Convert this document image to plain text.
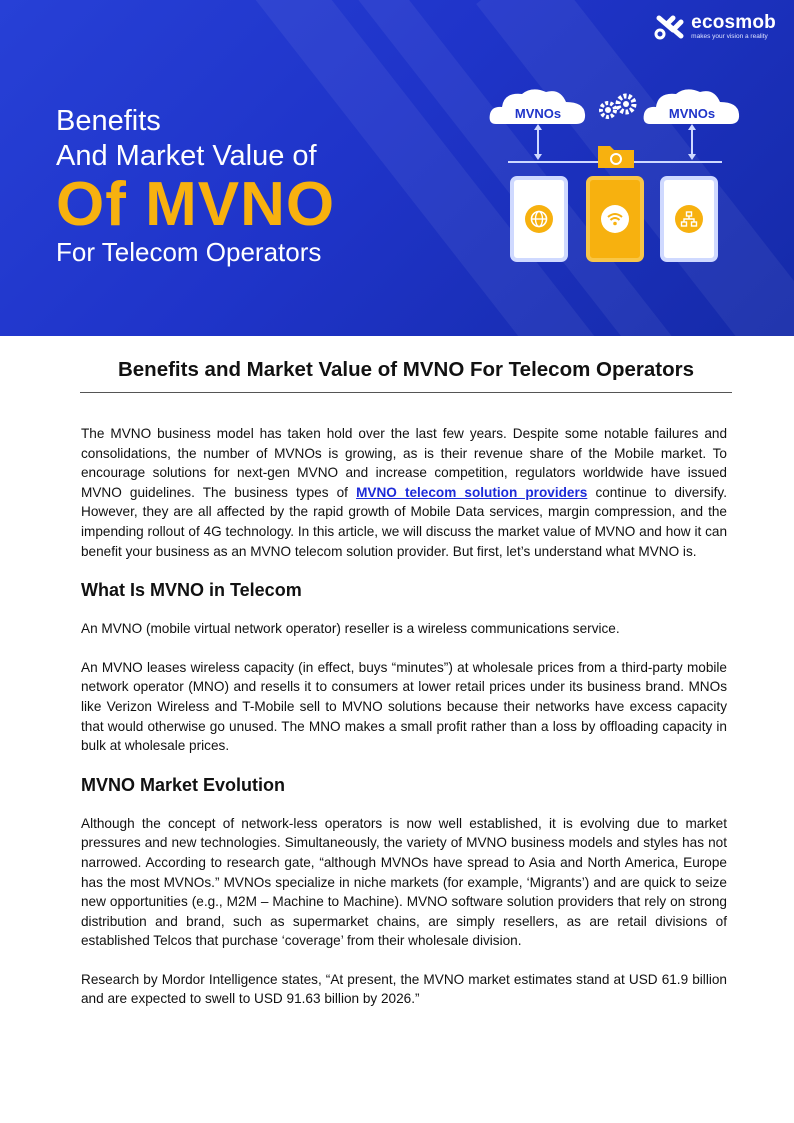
ecosmob
makes your vision a reality
Benefits
And Market Value of
Of MVNO
For Telecom Operators
MVNOs	MVNOs
Benefits and Market Value of MVNO For Telecom Operators

The MVNO business model has taken hold over the last few years. Despite some notable failures and consolidations, the number of MVNOs is growing, as is their revenue share of the Mobile market. To encourage solutions for next-gen MVNO and increase competition, regulators worldwide have issued MVNO guidelines. The business types of MVNO telecom solution providers continue to diversify. However, they are all affected by the rapid growth of Mobile Data services, margin compression, and the impending rollout of 4G technology. In this article, we will discuss the market value of MVNO and how it can benefit your business as an MVNO telecom solution provider. But first, let’s understand what MVNO is.

What Is MVNO in Telecom

An MVNO (mobile virtual network operator) reseller is a wireless communications service.

An MVNO leases wireless capacity (in effect, buys “minutes”) at wholesale prices from a third-party mobile network operator (MNO) and resells it to consumers at lower retail prices under its business brand. MNOs like Verizon Wireless and T-Mobile sell to MVNO solutions because their networks have excess capacity that would otherwise go unused. The MNO makes a small profit rather than a loss by offloading capacity in bulk at wholesale prices.

MVNO Market Evolution

Although the concept of network-less operators is now well established, it is evolving due to market pressures and new technologies. Simultaneously, the variety of MVNO business models and styles has not narrowed. According to research gate, “although MVNOs have spread to Asia and North America, Europe has the most MVNOs.” MVNOs specialize in niche markets (for example, ‘Migrants’) and are quick to seize new opportunities (e.g., M2M – Machine to Machine). MVNO software solution providers that rely on strong distribution and brand, such as supermarket chains, are simply resellers, as are retail divisions of established Telcos that purchase ‘coverage’ from their wholesale division.

Research by Mordor Intelligence states, “At present, the MVNO market estimates stand at USD 61.9 billion and are expected to swell to USD 91.63 billion by 2026.”
